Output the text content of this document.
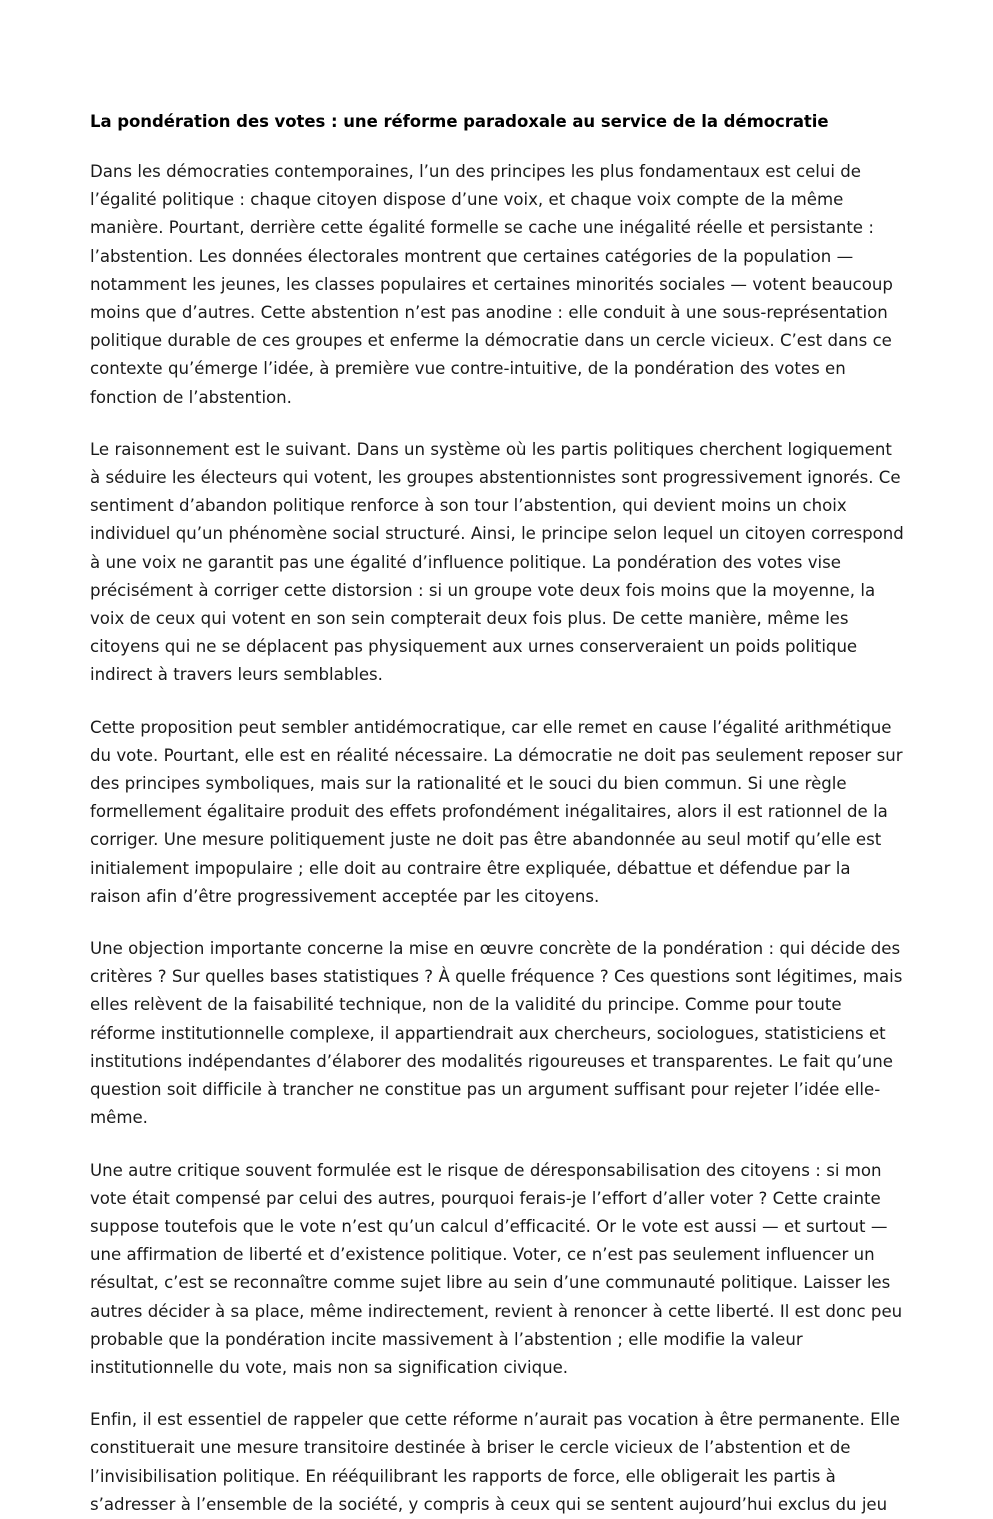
La pondération des votes : une réforme paradoxale au service de la démocratie

Dans les démocraties contemporaines, l’un des principes les plus fondamentaux est celui de l’égalité politique : chaque citoyen dispose d’une voix, et chaque voix compte de la même manière. Pourtant, derrière cette égalité formelle se cache une inégalité réelle et persistante : l’abstention. Les données électorales montrent que certaines catégories de la population — notamment les jeunes, les classes populaires et certaines minorités sociales — votent beaucoup moins que d’autres. Cette abstention n’est pas anodine : elle conduit à une sous-représentation politique durable de ces groupes et enferme la démocratie dans un cercle vicieux. C’est dans ce contexte qu’émerge l’idée, à première vue contre-intuitive, de la pondération des votes en fonction de l’abstention.

Le raisonnement est le suivant. Dans un système où les partis politiques cherchent logiquement à séduire les électeurs qui votent, les groupes abstentionnistes sont progressivement ignorés. Ce sentiment d’abandon politique renforce à son tour l’abstention, qui devient moins un choix individuel qu’un phénomène social structuré. Ainsi, le principe selon lequel un citoyen correspond à une voix ne garantit pas une égalité d’influence politique. La pondération des votes vise précisément à corriger cette distorsion : si un groupe vote deux fois moins que la moyenne, la voix de ceux qui votent en son sein compterait deux fois plus. De cette manière, même les citoyens qui ne se déplacent pas physiquement aux urnes conserveraient un poids politique indirect à travers leurs semblables.

Cette proposition peut sembler antidémocratique, car elle remet en cause l’égalité arithmétique du vote. Pourtant, elle est en réalité nécessaire. La démocratie ne doit pas seulement reposer sur des principes symboliques, mais sur la rationalité et le souci du bien commun. Si une règle formellement égalitaire produit des effets profondément inégalitaires, alors il est rationnel de la corriger. Une mesure politiquement juste ne doit pas être abandonnée au seul motif qu’elle est initialement impopulaire ; elle doit au contraire être expliquée, débattue et défendue par la raison afin d’être progressivement acceptée par les citoyens.

Une objection importante concerne la mise en œuvre concrète de la pondération : qui décide des critères ? Sur quelles bases statistiques ? À quelle fréquence ? Ces questions sont légitimes, mais elles relèvent de la faisabilité technique, non de la validité du principe. Comme pour toute réforme institutionnelle complexe, il appartiendrait aux chercheurs, sociologues, statisticiens et institutions indépendantes d’élaborer des modalités rigoureuses et transparentes. Le fait qu’une question soit difficile à trancher ne constitue pas un argument suffisant pour rejeter l’idée elle-même.

Une autre critique souvent formulée est le risque de déresponsabilisation des citoyens : si mon vote était compensé par celui des autres, pourquoi ferais-je l’effort d’aller voter ? Cette crainte suppose toutefois que le vote n’est qu’un calcul d’efficacité. Or le vote est aussi — et surtout — une affirmation de liberté et d’existence politique. Voter, ce n’est pas seulement influencer un résultat, c’est se reconnaître comme sujet libre au sein d’une communauté politique. Laisser les autres décider à sa place, même indirectement, revient à renoncer à cette liberté. Il est donc peu probable que la pondération incite massivement à l’abstention ; elle modifie la valeur institutionnelle du vote, mais non sa signification civique.

Enfin, il est essentiel de rappeler que cette réforme n’aurait pas vocation à être permanente. Elle constituerait une mesure transitoire destinée à briser le cercle vicieux de l’abstention et de l’invisibilisation politique. En rééquilibrant les rapports de force, elle obligerait les partis à s’adresser à l’ensemble de la société, y compris à ceux qui se sentent aujourd’hui exclus du jeu
